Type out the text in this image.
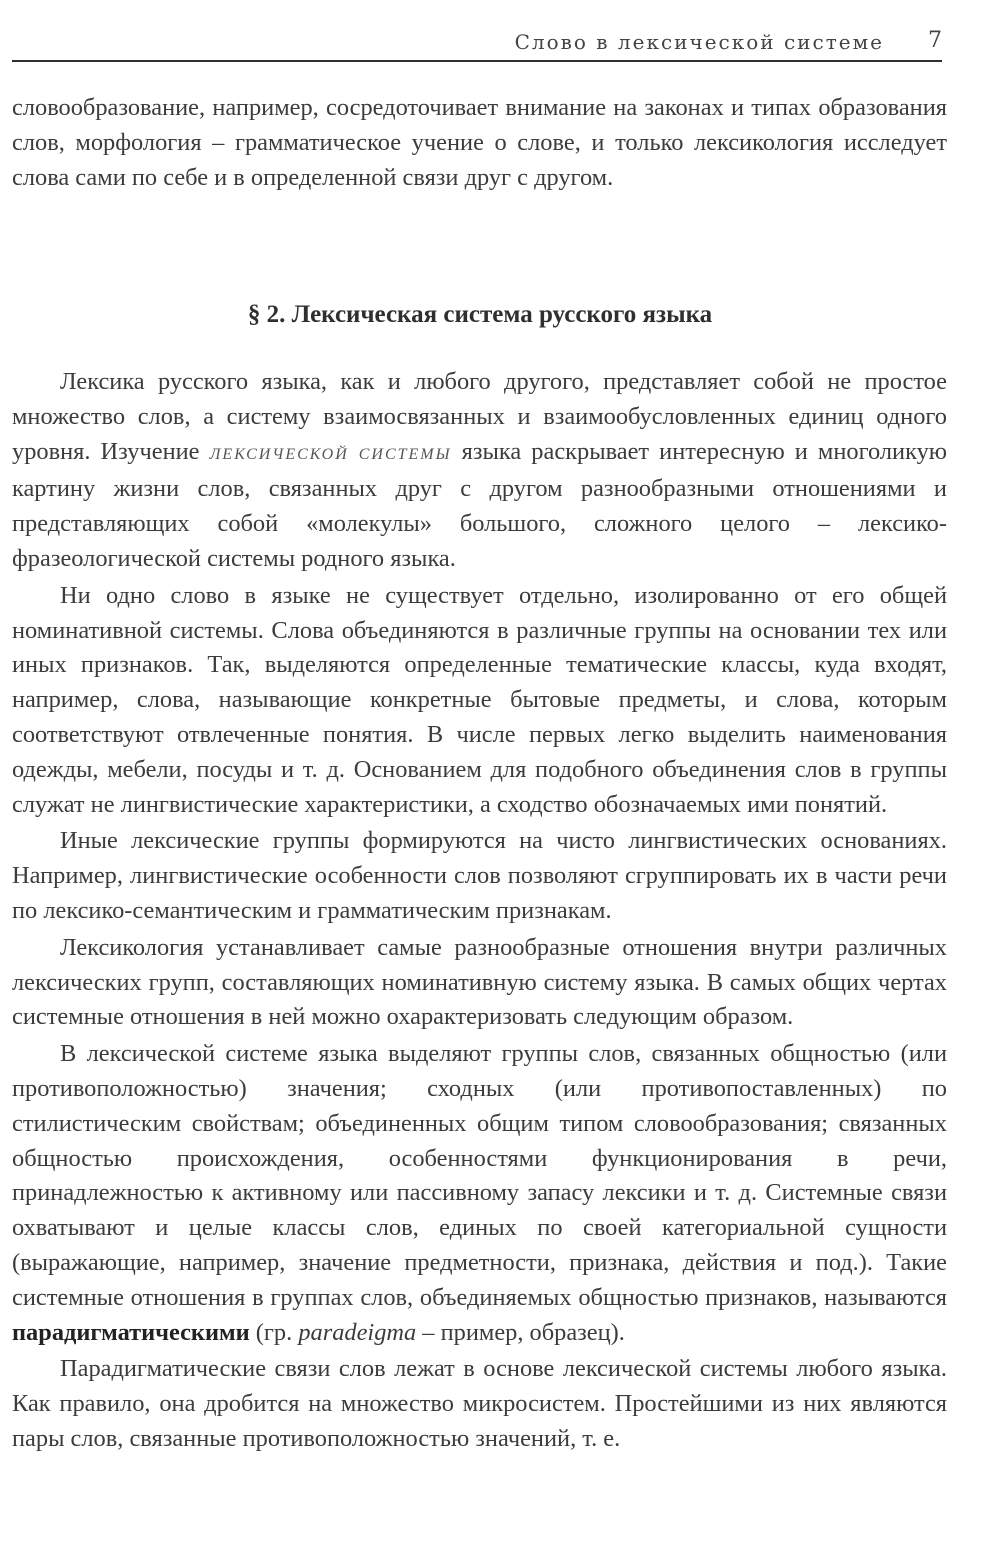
Слово в лексической системе 7

словообразование, например, сосредоточивает внимание на законах и типах образования слов, морфология – грамматическое учение о слове, и только лексикология исследует слова сами по себе и в определенной связи друг с другом.

§ 2. Лексическая система русского языка

Лексика русского языка, как и любого другого, представляет собой не простое множество слов, а систему взаимосвязанных и взаимообусловленных единиц одного уровня. Изучение ЛЕКСИЧЕСКОЙ СИСТЕМЫ языка раскрывает интересную и многоликую картину жизни слов, связанных друг с другом разнообразными отношениями и представляющих собой «молекулы» большого, сложного целого – лексико-фразеологической системы родного языка.

Ни одно слово в языке не существует отдельно, изолированно от его общей номинативной системы. Слова объединяются в различные группы на основании тех или иных признаков. Так, выделяются определенные тематические классы, куда входят, например, слова, называющие конкретные бытовые предметы, и слова, которым соответствуют отвлеченные понятия. В числе первых легко выделить наименования одежды, мебели, посуды и т. д. Основанием для подобного объединения слов в группы служат не лингвистические характеристики, а сходство обозначаемых ими понятий.

Иные лексические группы формируются на чисто лингвистических основаниях. Например, лингвистические особенности слов позволяют сгруппировать их в части речи по лексико-семантическим и грамматическим признакам.

Лексикология устанавливает самые разнообразные отношения внутри различных лексических групп, составляющих номинативную систему языка. В самых общих чертах системные отношения в ней можно охарактеризовать следующим образом.

В лексической системе языка выделяют группы слов, связанных общностью (или противоположностью) значения; сходных (или противопоставленных) по стилистическим свойствам; объединенных общим типом словообразования; связанных общностью происхождения, особенностями функционирования в речи, принадлежностью к активному или пассивному запасу лексики и т. д. Системные связи охватывают и целые классы слов, единых по своей категориальной сущности (выражающие, например, значение предметности, признака, действия и под.). Такие системные отношения в группах слов, объединяемых общностью признаков, называются парадигматическими (гр. paradeigma – пример, образец).

Парадигматические связи слов лежат в основе лексической системы любого языка. Как правило, она дробится на множество микросистем. Простейшими из них являются пары слов, связанные противоположностью значений, т. е.
